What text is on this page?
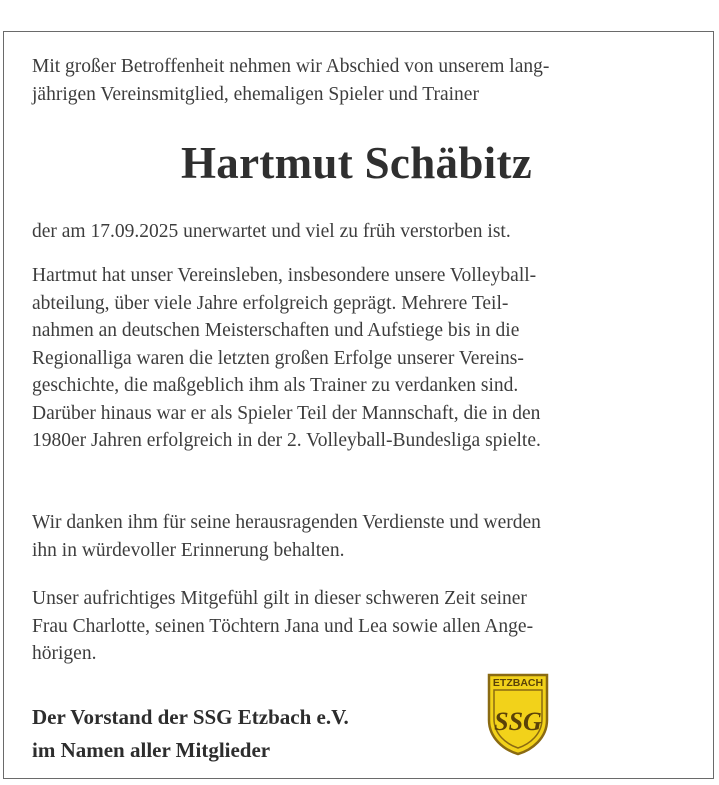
Mit großer Betroffenheit nehmen wir Abschied von unserem lang-
jährigen Vereinsmitglied, ehemaligen Spieler und Trainer

Hartmut Schäbitz

der am 17.09.2025 unerwartet und viel zu früh verstorben ist.

Hartmut hat unser Vereinsleben, insbesondere unsere Volleyball-
abteilung, über viele Jahre erfolgreich geprägt. Mehrere Teil-
nahmen an deutschen Meisterschaften und Aufstiege bis in die
Regionalliga waren die letzten großen Erfolge unserer Vereins-
geschichte, die maßgeblich ihm als Trainer zu verdanken sind.
Darüber hinaus war er als Spieler Teil der Mannschaft, die in den
1980er Jahren erfolgreich in der 2. Volleyball-Bundesliga spielte.

Wir danken ihm für seine herausragenden Verdienste und werden
ihn in würdevoller Erinnerung behalten.

Unser aufrichtiges Mitgefühl gilt in dieser schweren Zeit seiner
Frau Charlotte, seinen Töchtern Jana und Lea sowie allen Ange-
hörigen.

Der Vorstand der SSG Etzbach e.V.
im Namen aller Mitglieder

ETZBACH
SSG
